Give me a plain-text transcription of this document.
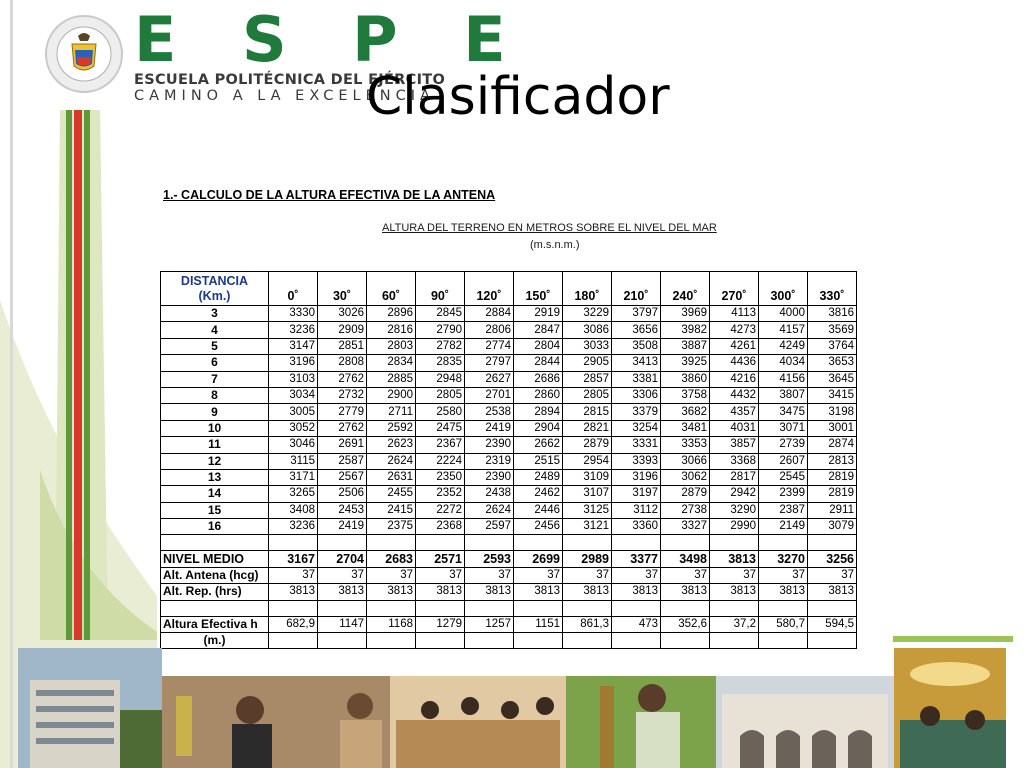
E S P E
ESCUELA POLITÉCNICA DEL EJÉRCITO
CAMINO A LA EXCELENCIA
Clasificador
1.- CALCULO DE LA ALTURA EFECTIVA DE LA ANTENA
ALTURA DEL TERRENO EN METROS SOBRE EL NIVEL DEL MAR
(m.s.n.m.)
DISTANCIA
(Km.)	0˚	30˚	60˚	90˚	120˚	150˚	180˚	210˚	240˚	270˚	300˚	330˚
3	3330	3026	2896	2845	2884	2919	3229	3797	3969	4113	4000	3816
4	3236	2909	2816	2790	2806	2847	3086	3656	3982	4273	4157	3569
5	3147	2851	2803	2782	2774	2804	3033	3508	3887	4261	4249	3764
6	3196	2808	2834	2835	2797	2844	2905	3413	3925	4436	4034	3653
7	3103	2762	2885	2948	2627	2686	2857	3381	3860	4216	4156	3645
8	3034	2732	2900	2805	2701	2860	2805	3306	3758	4432	3807	3415
9	3005	2779	2711	2580	2538	2894	2815	3379	3682	4357	3475	3198
10	3052	2762	2592	2475	2419	2904	2821	3254	3481	4031	3071	3001
11	3046	2691	2623	2367	2390	2662	2879	3331	3353	3857	2739	2874
12	3115	2587	2624	2224	2319	2515	2954	3393	3066	3368	2607	2813
13	3171	2567	2631	2350	2390	2489	3109	3196	3062	2817	2545	2819
14	3265	2506	2455	2352	2438	2462	3107	3197	2879	2942	2399	2819
15	3408	2453	2415	2272	2624	2446	3125	3112	2738	3290	2387	2911
16	3236	2419	2375	2368	2597	2456	3121	3360	3327	2990	2149	3079

NIVEL MEDIO	3167	2704	2683	2571	2593	2699	2989	3377	3498	3813	3270	3256
Alt. Antena (hcg)	37	37	37	37	37	37	37	37	37	37	37	37
Alt. Rep. (hrs)	3813	3813	3813	3813	3813	3813	3813	3813	3813	3813	3813	3813

Altura Efectiva h	682,9	1147	1168	1279	1257	1151	861,3	473	352,6	37,2	580,7	594,5
(m.)												
